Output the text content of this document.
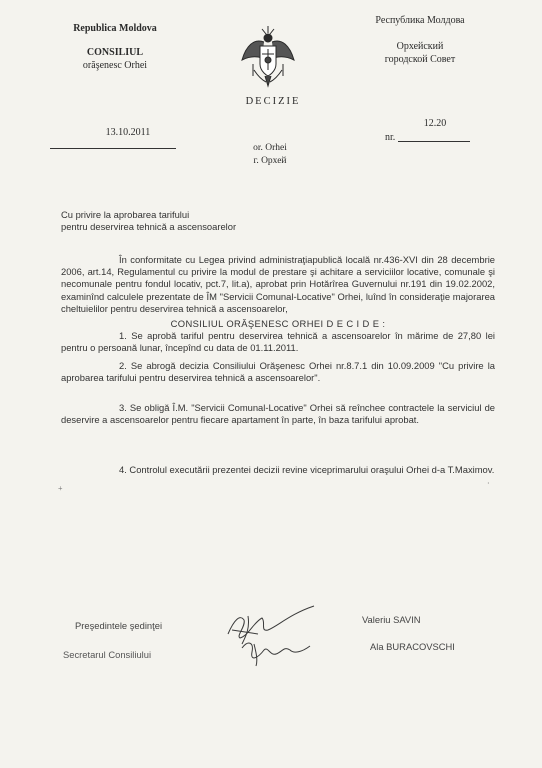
Republica Moldova
CONSILIUL
orăşenesc Orhei
Республика Молдова
Орхейский
городской Совет
DECIZIE
13.10.2011
12.20
nr.
or. Orhei
г. Орхей
Cu privire la aprobarea tarifului
pentru deservirea tehnică a ascensoarelor
În conformitate cu Legea privind administraţiapublică locală nr.436-XVI din 28 decembrie 2006, art.14, Regulamentul cu privire la modul de prestare şi achitare a serviciilor locative, comunale şi necomunale pentru fondul locativ, pct.7, lit.a), aprobat prin Hotărîrea Guvernului nr.191 din 19.02.2002, examinînd calculele prezentate de ÎM "Servicii Comunal-Locative" Orhei, luînd în consideraţie majorarea cheltuielilor pentru deservirea tehnică a ascensoarelor,
CONSILIUL ORĂŞENESC ORHEI D E C I D E :
1. Se aprobă tariful pentru deservirea tehnică a ascensoarelor în mărime de 27,80 lei pentru o persoană lunar, începînd cu data de 01.11.2011.
2. Se abrogă decizia Consiliului Orăşenesc Orhei nr.8.7.1 din 10.09.2009 "Cu privire la aprobarea tarifului pentru deservirea tehnică a ascensoarelor".
3. Se obligă Î.M. "Servicii Comunal-Locative" Orhei să reînchee contractele la serviciul de deservire a ascensoarelor pentru fiecare apartament în parte, în baza tarifului aprobat.
4. Controlul executării prezentei decizii revine viceprimarului oraşului Orhei d-a T.Maximov.
Preşedintele şedinţei
Valeriu SAVIN
Secretarul Consiliului
Ala BURACOVSCHI
+
·
